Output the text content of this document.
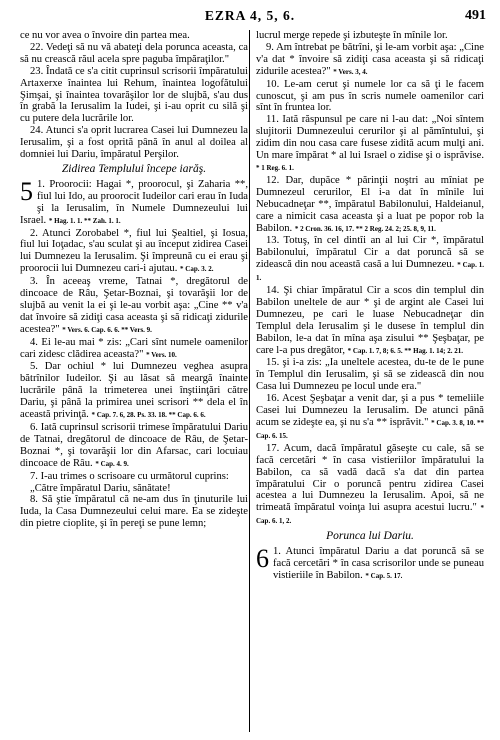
EZRA 4, 5, 6.	491

ce nu vor avea o învoire din partea mea.

22. Vedeţi să nu vă abateţi dela porunca aceasta, ca să nu crească răul acela spre paguba împăraţilor."

23. Îndată ce s'a citit cuprinsul scrisorii împăratului Artaxerxe înaintea lui Rehum, înaintea logofătului Şimşai, şi înaintea tovarăşilor lor de slujbă, s'au dus în grabă la Ierusalim la Iudei, şi i-au oprit cu silă şi cu putere dela lucrările lor.

24. Atunci s'a oprit lucrarea Casei lui Dumnezeu la Ierusalim, şi a fost oprită până în anul al doilea al domniei lui Dariu, împăratul Perşilor.

Zidirea Templului începe iarăş.

5 1. Proorocii: Hagai *, proorocul, şi Zaharia **, fiul lui Ido, au proorocit Iudeilor cari erau în Iuda şi la Ierusalim, în Numele Dumnezeului lui Israel. * Hag. 1. 1. ** Zah. 1. 1.

2. Atunci Zorobabel *, fiul lui Şealtiel, şi Iosua, fiul lui Ioţadac, s'au sculat şi au început zidirea Casei lui Dumnezeu la Ierusalim. Şi împreună cu ei erau şi proorocii lui Dumnezeu cari-i ajutau. * Cap. 3. 2.

3. În aceeaş vreme, Tatnai *, dregătorul de dincoace de Râu, Şetar-Boznai, şi tovarăşii lor de slujbă au venit la ei şi le-au vorbit aşa: „Cine ** v'a dat învoire să zidiţi casa aceasta şi să ridicaţi zidurile acestea?" * Vers. 6. Cap. 6. 6. ** Vers. 9.

4. Ei le-au mai * zis: „Cari sînt numele oamenilor cari zidesc clădirea aceasta?" * Vers. 10.

5. Dar ochiul * lui Dumnezeu veghea asupra bătrînilor Iudeilor. Şi au lăsat să meargă înainte lucrările până la trimeterea unei înştiinţări către Dariu, şi până la primirea unei scrisori ** dela el în această privinţă. * Cap. 7. 6, 28. Ps. 33. 18. ** Cap. 6. 6.

6. Iată cuprinsul scrisorii trimese împăratului Dariu de Tatnai, dregătorul de dincoace de Râu, de Şetar-Boznai *, şi tovarăşii lor din Afarsac, cari locuiau dincoace de Râu. * Cap. 4. 9.

7. I-au trimes o scrisoare cu următorul cuprins:

„Către împăratul Dariu, sănătate!

8. Să ştie împăratul că ne-am dus în ţinuturile lui Iuda, la Casa Dumnezeului celui mare. Ea se zideşte din pietre cioplite, şi în pereţi se pune lemn;

lucrul merge repede şi izbuteşte în mînile lor.

9. Am întrebat pe bătrîni, şi le-am vorbit aşa: „Cine v'a dat * învoire să zidiţi casa aceasta şi să ridicaţi zidurile acestea?" * Vers. 3, 4.

10. Le-am cerut şi numele lor ca să ţi le facem cunoscut, şi am pus în scris numele oamenilor cari sînt în fruntea lor.

11. Iată răspunsul pe care ni l-au dat: „Noi sîntem slujitorii Dumnezeului cerurilor şi al pămîntului, şi zidim din nou casa care fusese zidită acum mulţi ani. Un mare împărat * al lui Israel o zidise şi o isprăvise. * 1 Reg. 6. 1.

12. Dar, dupăce * părinţii noştri au mîniat pe Dumnezeul cerurilor, El i-a dat în mînile lui Nebucadneţar **, împăratul Babilonului, Haldeianul, care a nimicit casa aceasta şi a luat pe popor rob la Babilon. * 2 Cron. 36. 16, 17. ** 2 Reg. 24. 2; 25. 8, 9, 11.

13. Totuş, în cel dintîi an al lui Cir *, împăratul Babilonului, împăratul Cir a dat poruncă să se zidească din nou această casă a lui Dumnezeu. * Cap. 1. 1.

14. Şi chiar împăratul Cir a scos din templul din Babilon uneltele de aur * şi de argint ale Casei lui Dumnezeu, pe cari le luase Nebucadneţar din Templul dela Ierusalim şi le dusese în templul din Babilon, le-a dat în mîna aşa zisului ** Şeşbaţar, pe care l-a pus dregător, * Cap. 1. 7, 8; 6. 5. ** Hag. 1. 14; 2. 21.

15. şi i-a zis: „Ia uneltele acestea, du-te de le pune în Templul din Ierusalim, şi să se zidească din nou Casa lui Dumnezeu pe locul unde era."

16. Acest Şeşbaţar a venit dar, şi a pus * temeliile Casei lui Dumnezeu la Ierusalim. De atunci până acum se zideşte ea, şi nu s'a ** isprăvit." * Cap. 3. 8, 10. ** Cap. 6. 15.

17. Acum, dacă împăratul găseşte cu cale, să se facă cercetări * în casa vistieriilor împăratului la Babilon, ca să vadă dacă s'a dat din partea împăratului Cir o poruncă pentru zidirea Casei acestea a lui Dumnezeu la Ierusalim. Apoi, să ne trimeată împăratul voinţa lui asupra acestui lucru." * Cap. 6. 1, 2.

Porunca lui Dariu.

6 1. Atunci împăratul Dariu a dat poruncă să se facă cercetări * în casa scrisorilor unde se puneau vistieriile în Babilon. * Cap. 5. 17.
